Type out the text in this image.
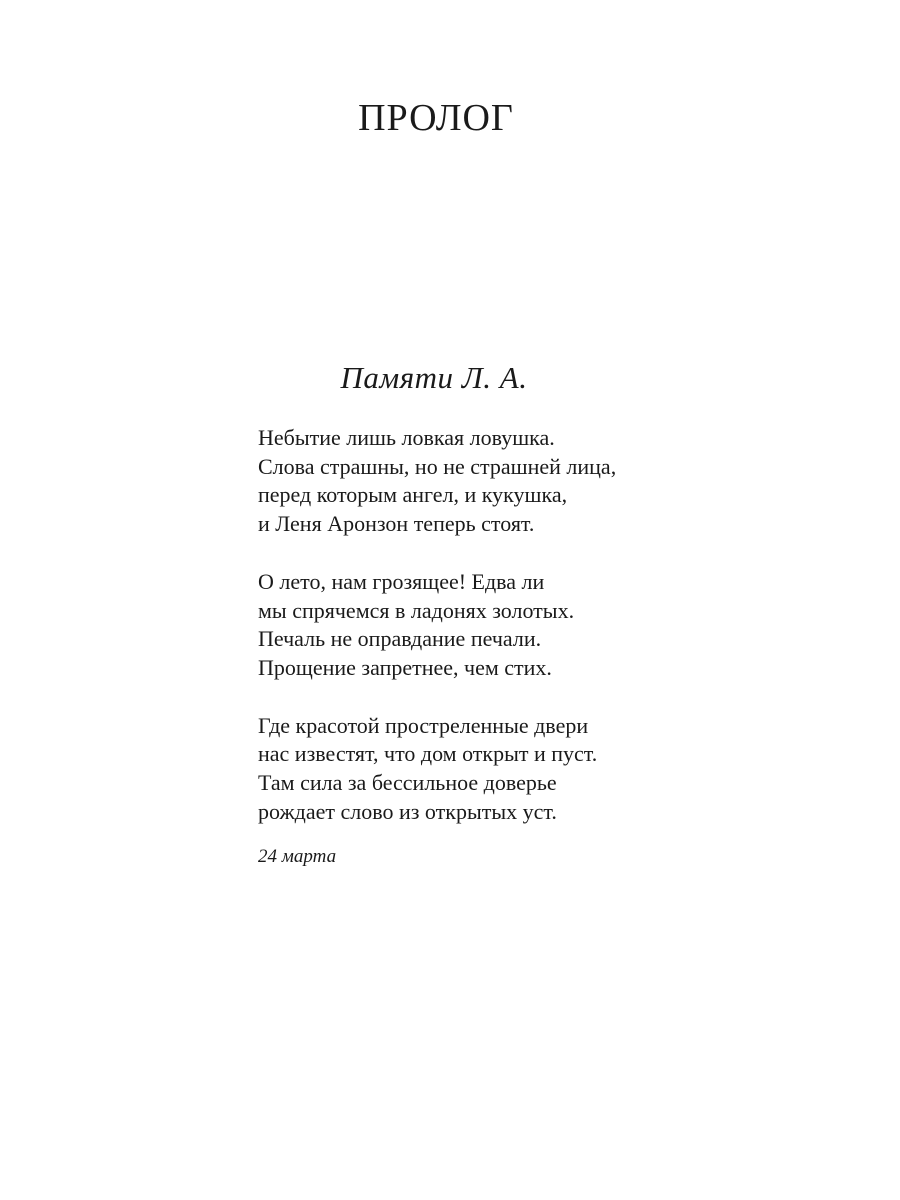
ПРОЛОГ
Памяти Л. А.
Небытие лишь ловкая ловушка.
Слова страшны, но не страшней лица,
перед которым ангел, и кукушка,
и Леня Аронзон теперь стоят.
О лето, нам грозящее! Едва ли
мы спрячемся в ладонях золотых.
Печаль не оправдание печали.
Прощение запретнее, чем стих.
Где красотой простреленные двери
нас известят, что дом открыт и пуст.
Там сила за бессильное доверье
рождает слово из открытых уст.
24 марта
